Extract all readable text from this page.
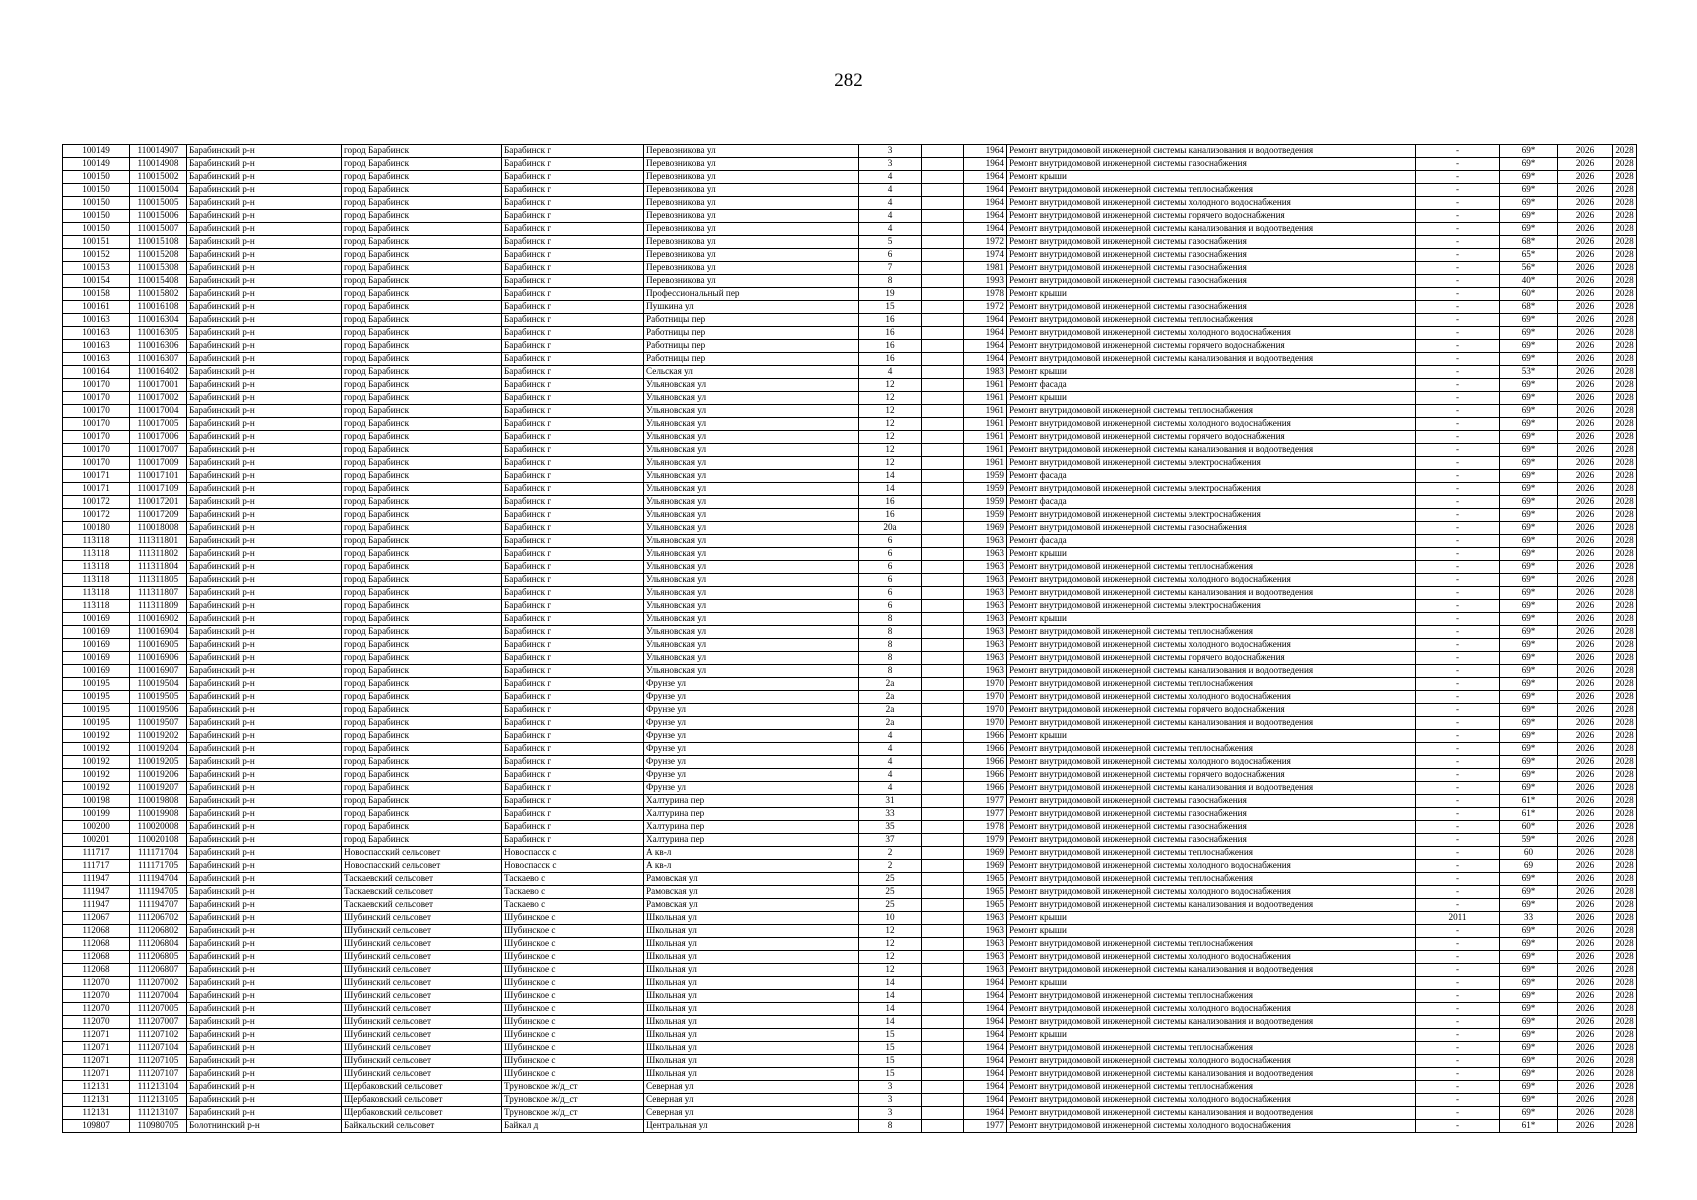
282
100149	110014907	Барабинский р-н	город Барабинск	Барабинск г	Перевозникова ул	3		1964	Ремонт внутридомовой инженерной системы канализования и водоотведения	-	69*	2026	2028
100149	110014908	Барабинский р-н	город Барабинск	Барабинск г	Перевозникова ул	3		1964	Ремонт внутридомовой инженерной системы газоснабжения	-	69*	2026	2028
100150	110015002	Барабинский р-н	город Барабинск	Барабинск г	Перевозникова ул	4		1964	Ремонт крыши	-	69*	2026	2028
100150	110015004	Барабинский р-н	город Барабинск	Барабинск г	Перевозникова ул	4		1964	Ремонт внутридомовой инженерной системы теплоснабжения	-	69*	2026	2028
100150	110015005	Барабинский р-н	город Барабинск	Барабинск г	Перевозникова ул	4		1964	Ремонт внутридомовой инженерной системы холодного водоснабжения	-	69*	2026	2028
100150	110015006	Барабинский р-н	город Барабинск	Барабинск г	Перевозникова ул	4		1964	Ремонт внутридомовой инженерной системы горячего водоснабжения	-	69*	2026	2028
100150	110015007	Барабинский р-н	город Барабинск	Барабинск г	Перевозникова ул	4		1964	Ремонт внутридомовой инженерной системы канализования и водоотведения	-	69*	2026	2028
100151	110015108	Барабинский р-н	город Барабинск	Барабинск г	Перевозникова ул	5		1972	Ремонт внутридомовой инженерной системы газоснабжения	-	68*	2026	2028
100152	110015208	Барабинский р-н	город Барабинск	Барабинск г	Перевозникова ул	6		1974	Ремонт внутридомовой инженерной системы газоснабжения	-	65*	2026	2028
100153	110015308	Барабинский р-н	город Барабинск	Барабинск г	Перевозникова ул	7		1981	Ремонт внутридомовой инженерной системы газоснабжения	-	56*	2026	2028
100154	110015408	Барабинский р-н	город Барабинск	Барабинск г	Перевозникова ул	8		1993	Ремонт внутридомовой инженерной системы газоснабжения	-	40*	2026	2028
100158	110015802	Барабинский р-н	город Барабинск	Барабинск г	Профессиональный пер	19		1978	Ремонт крыши	-	60*	2026	2028
100161	110016108	Барабинский р-н	город Барабинск	Барабинск г	Пушкина ул	15		1972	Ремонт внутридомовой инженерной системы газоснабжения	-	68*	2026	2028
100163	110016304	Барабинский р-н	город Барабинск	Барабинск г	Работницы пер	16		1964	Ремонт внутридомовой инженерной системы теплоснабжения	-	69*	2026	2028
100163	110016305	Барабинский р-н	город Барабинск	Барабинск г	Работницы пер	16		1964	Ремонт внутридомовой инженерной системы холодного водоснабжения	-	69*	2026	2028
100163	110016306	Барабинский р-н	город Барабинск	Барабинск г	Работницы пер	16		1964	Ремонт внутридомовой инженерной системы горячего водоснабжения	-	69*	2026	2028
100163	110016307	Барабинский р-н	город Барабинск	Барабинск г	Работницы пер	16		1964	Ремонт внутридомовой инженерной системы канализования и водоотведения	-	69*	2026	2028
100164	110016402	Барабинский р-н	город Барабинск	Барабинск г	Сельская ул	4		1983	Ремонт крыши	-	53*	2026	2028
100170	110017001	Барабинский р-н	город Барабинск	Барабинск г	Ульяновская ул	12		1961	Ремонт фасада	-	69*	2026	2028
100170	110017002	Барабинский р-н	город Барабинск	Барабинск г	Ульяновская ул	12		1961	Ремонт крыши	-	69*	2026	2028
100170	110017004	Барабинский р-н	город Барабинск	Барабинск г	Ульяновская ул	12		1961	Ремонт внутридомовой инженерной системы теплоснабжения	-	69*	2026	2028
100170	110017005	Барабинский р-н	город Барабинск	Барабинск г	Ульяновская ул	12		1961	Ремонт внутридомовой инженерной системы холодного водоснабжения	-	69*	2026	2028
100170	110017006	Барабинский р-н	город Барабинск	Барабинск г	Ульяновская ул	12		1961	Ремонт внутридомовой инженерной системы горячего водоснабжения	-	69*	2026	2028
100170	110017007	Барабинский р-н	город Барабинск	Барабинск г	Ульяновская ул	12		1961	Ремонт внутридомовой инженерной системы канализования и водоотведения	-	69*	2026	2028
100170	110017009	Барабинский р-н	город Барабинск	Барабинск г	Ульяновская ул	12		1961	Ремонт внутридомовой инженерной системы электроснабжения	-	69*	2026	2028
100171	110017101	Барабинский р-н	город Барабинск	Барабинск г	Ульяновская ул	14		1959	Ремонт фасада	-	69*	2026	2028
100171	110017109	Барабинский р-н	город Барабинск	Барабинск г	Ульяновская ул	14		1959	Ремонт внутридомовой инженерной системы электроснабжения	-	69*	2026	2028
100172	110017201	Барабинский р-н	город Барабинск	Барабинск г	Ульяновская ул	16		1959	Ремонт фасада	-	69*	2026	2028
100172	110017209	Барабинский р-н	город Барабинск	Барабинск г	Ульяновская ул	16		1959	Ремонт внутридомовой инженерной системы электроснабжения	-	69*	2026	2028
100180	110018008	Барабинский р-н	город Барабинск	Барабинск г	Ульяновская ул	20а		1969	Ремонт внутридомовой инженерной системы газоснабжения	-	69*	2026	2028
113118	111311801	Барабинский р-н	город Барабинск	Барабинск г	Ульяновская ул	6		1963	Ремонт фасада	-	69*	2026	2028
113118	111311802	Барабинский р-н	город Барабинск	Барабинск г	Ульяновская ул	6		1963	Ремонт крыши	-	69*	2026	2028
113118	111311804	Барабинский р-н	город Барабинск	Барабинск г	Ульяновская ул	6		1963	Ремонт внутридомовой инженерной системы теплоснабжения	-	69*	2026	2028
113118	111311805	Барабинский р-н	город Барабинск	Барабинск г	Ульяновская ул	6		1963	Ремонт внутридомовой инженерной системы холодного водоснабжения	-	69*	2026	2028
113118	111311807	Барабинский р-н	город Барабинск	Барабинск г	Ульяновская ул	6		1963	Ремонт внутридомовой инженерной системы канализования и водоотведения	-	69*	2026	2028
113118	111311809	Барабинский р-н	город Барабинск	Барабинск г	Ульяновская ул	6		1963	Ремонт внутридомовой инженерной системы электроснабжения	-	69*	2026	2028
100169	110016902	Барабинский р-н	город Барабинск	Барабинск г	Ульяновская ул	8		1963	Ремонт крыши	-	69*	2026	2028
100169	110016904	Барабинский р-н	город Барабинск	Барабинск г	Ульяновская ул	8		1963	Ремонт внутридомовой инженерной системы теплоснабжения	-	69*	2026	2028
100169	110016905	Барабинский р-н	город Барабинск	Барабинск г	Ульяновская ул	8		1963	Ремонт внутридомовой инженерной системы холодного водоснабжения	-	69*	2026	2028
100169	110016906	Барабинский р-н	город Барабинск	Барабинск г	Ульяновская ул	8		1963	Ремонт внутридомовой инженерной системы горячего водоснабжения	-	69*	2026	2028
100169	110016907	Барабинский р-н	город Барабинск	Барабинск г	Ульяновская ул	8		1963	Ремонт внутридомовой инженерной системы канализования и водоотведения	-	69*	2026	2028
100195	110019504	Барабинский р-н	город Барабинск	Барабинск г	Фрунзе ул	2а		1970	Ремонт внутридомовой инженерной системы теплоснабжения	-	69*	2026	2028
100195	110019505	Барабинский р-н	город Барабинск	Барабинск г	Фрунзе ул	2а		1970	Ремонт внутридомовой инженерной системы холодного водоснабжения	-	69*	2026	2028
100195	110019506	Барабинский р-н	город Барабинск	Барабинск г	Фрунзе ул	2а		1970	Ремонт внутридомовой инженерной системы горячего водоснабжения	-	69*	2026	2028
100195	110019507	Барабинский р-н	город Барабинск	Барабинск г	Фрунзе ул	2а		1970	Ремонт внутридомовой инженерной системы канализования и водоотведения	-	69*	2026	2028
100192	110019202	Барабинский р-н	город Барабинск	Барабинск г	Фрунзе ул	4		1966	Ремонт крыши	-	69*	2026	2028
100192	110019204	Барабинский р-н	город Барабинск	Барабинск г	Фрунзе ул	4		1966	Ремонт внутридомовой инженерной системы теплоснабжения	-	69*	2026	2028
100192	110019205	Барабинский р-н	город Барабинск	Барабинск г	Фрунзе ул	4		1966	Ремонт внутридомовой инженерной системы холодного водоснабжения	-	69*	2026	2028
100192	110019206	Барабинский р-н	город Барабинск	Барабинск г	Фрунзе ул	4		1966	Ремонт внутридомовой инженерной системы горячего водоснабжения	-	69*	2026	2028
100192	110019207	Барабинский р-н	город Барабинск	Барабинск г	Фрунзе ул	4		1966	Ремонт внутридомовой инженерной системы канализования и водоотведения	-	69*	2026	2028
100198	110019808	Барабинский р-н	город Барабинск	Барабинск г	Халтурина пер	31		1977	Ремонт внутридомовой инженерной системы газоснабжения	-	61*	2026	2028
100199	110019908	Барабинский р-н	город Барабинск	Барабинск г	Халтурина пер	33		1977	Ремонт внутридомовой инженерной системы газоснабжения	-	61*	2026	2028
100200	110020008	Барабинский р-н	город Барабинск	Барабинск г	Халтурина пер	35		1978	Ремонт внутридомовой инженерной системы газоснабжения	-	60*	2026	2028
100201	110020108	Барабинский р-н	город Барабинск	Барабинск г	Халтурина пер	37		1979	Ремонт внутридомовой инженерной системы газоснабжения	-	59*	2026	2028
111717	111171704	Барабинский р-н	Новоспасский сельсовет	Новоспасск с	А кв-л	2		1969	Ремонт внутридомовой инженерной системы теплоснабжения	-	60	2026	2028
111717	111171705	Барабинский р-н	Новоспасский сельсовет	Новоспасск с	А кв-л	2		1969	Ремонт внутридомовой инженерной системы холодного водоснабжения	-	69	2026	2028
111947	111194704	Барабинский р-н	Таскаевский сельсовет	Таскаево с	Рамовская ул	25		1965	Ремонт внутридомовой инженерной системы теплоснабжения	-	69*	2026	2028
111947	111194705	Барабинский р-н	Таскаевский сельсовет	Таскаево с	Рамовская ул	25		1965	Ремонт внутридомовой инженерной системы холодного водоснабжения	-	69*	2026	2028
111947	111194707	Барабинский р-н	Таскаевский сельсовет	Таскаево с	Рамовская ул	25		1965	Ремонт внутридомовой инженерной системы канализования и водоотведения	-	69*	2026	2028
112067	111206702	Барабинский р-н	Шубинский сельсовет	Шубинское с	Школьная ул	10		1963	Ремонт крыши	2011	33	2026	2028
112068	111206802	Барабинский р-н	Шубинский сельсовет	Шубинское с	Школьная ул	12		1963	Ремонт крыши	-	69*	2026	2028
112068	111206804	Барабинский р-н	Шубинский сельсовет	Шубинское с	Школьная ул	12		1963	Ремонт внутридомовой инженерной системы теплоснабжения	-	69*	2026	2028
112068	111206805	Барабинский р-н	Шубинский сельсовет	Шубинское с	Школьная ул	12		1963	Ремонт внутридомовой инженерной системы холодного водоснабжения	-	69*	2026	2028
112068	111206807	Барабинский р-н	Шубинский сельсовет	Шубинское с	Школьная ул	12		1963	Ремонт внутридомовой инженерной системы канализования и водоотведения	-	69*	2026	2028
112070	111207002	Барабинский р-н	Шубинский сельсовет	Шубинское с	Школьная ул	14		1964	Ремонт крыши	-	69*	2026	2028
112070	111207004	Барабинский р-н	Шубинский сельсовет	Шубинское с	Школьная ул	14		1964	Ремонт внутридомовой инженерной системы теплоснабжения	-	69*	2026	2028
112070	111207005	Барабинский р-н	Шубинский сельсовет	Шубинское с	Школьная ул	14		1964	Ремонт внутридомовой инженерной системы холодного водоснабжения	-	69*	2026	2028
112070	111207007	Барабинский р-н	Шубинский сельсовет	Шубинское с	Школьная ул	14		1964	Ремонт внутридомовой инженерной системы канализования и водоотведения	-	69*	2026	2028
112071	111207102	Барабинский р-н	Шубинский сельсовет	Шубинское с	Школьная ул	15		1964	Ремонт крыши	-	69*	2026	2028
112071	111207104	Барабинский р-н	Шубинский сельсовет	Шубинское с	Школьная ул	15		1964	Ремонт внутридомовой инженерной системы теплоснабжения	-	69*	2026	2028
112071	111207105	Барабинский р-н	Шубинский сельсовет	Шубинское с	Школьная ул	15		1964	Ремонт внутридомовой инженерной системы холодного водоснабжения	-	69*	2026	2028
112071	111207107	Барабинский р-н	Шубинский сельсовет	Шубинское с	Школьная ул	15		1964	Ремонт внутридомовой инженерной системы канализования и водоотведения	-	69*	2026	2028
112131	111213104	Барабинский р-н	Щербаковский сельсовет	Труновское ж/д_ст	Северная ул	3		1964	Ремонт внутридомовой инженерной системы теплоснабжения	-	69*	2026	2028
112131	111213105	Барабинский р-н	Щербаковский сельсовет	Труновское ж/д_ст	Северная ул	3		1964	Ремонт внутридомовой инженерной системы холодного водоснабжения	-	69*	2026	2028
112131	111213107	Барабинский р-н	Щербаковский сельсовет	Труновское ж/д_ст	Северная ул	3		1964	Ремонт внутридомовой инженерной системы канализования и водоотведения	-	69*	2026	2028
109807	110980705	Болотнинский р-н	Байкальский сельсовет	Байкал д	Центральная ул	8		1977	Ремонт внутридомовой инженерной системы холодного водоснабжения	-	61*	2026	2028
